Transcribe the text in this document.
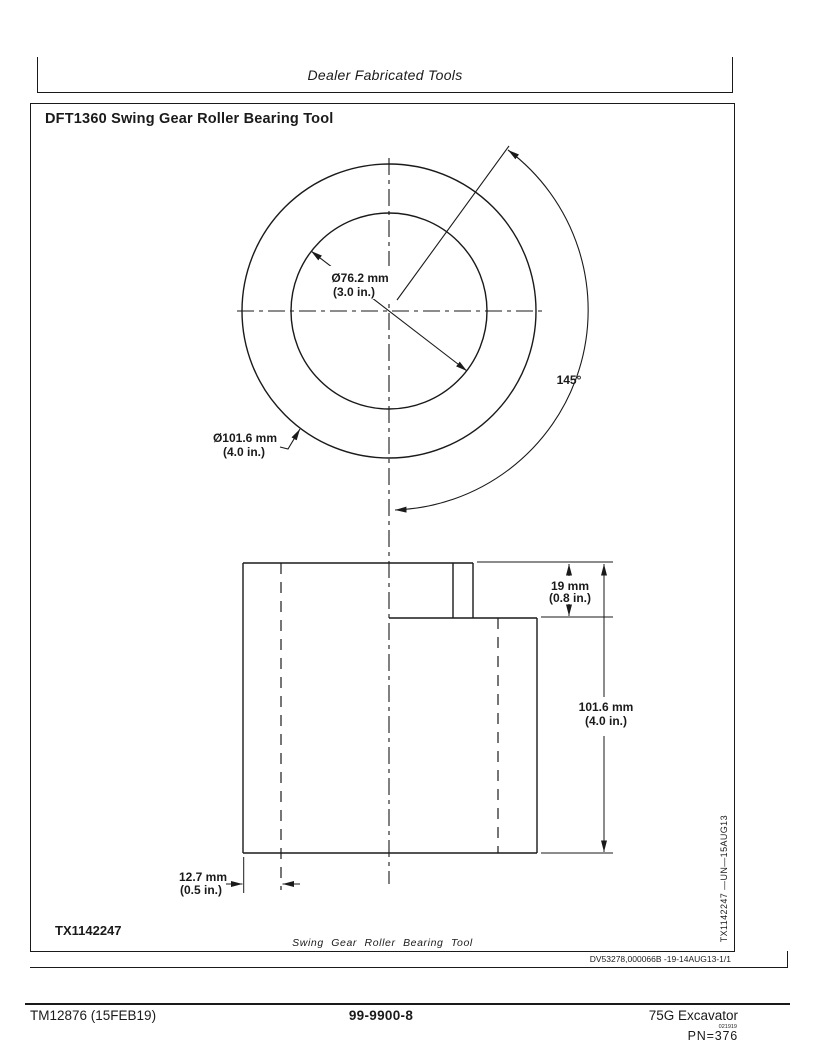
Dealer Fabricated Tools
DFT1360 Swing Gear Roller Bearing Tool
Ø76.2 mm
(3.0 in.)
145°
Ø101.6 mm
(4.0 in.)
19 mm
(0.8 in.)
101.6 mm
(4.0 in.)
12.7 mm
(0.5 in.)	TX1142247 —UN—15AUG13
TX1142247
Swing Gear Roller Bearing Tool
DV53278,000066B -19-14AUG13-1/1
TM12876 (15FEB19)	99-9900-8	75G Excavator
021919
PN=376
